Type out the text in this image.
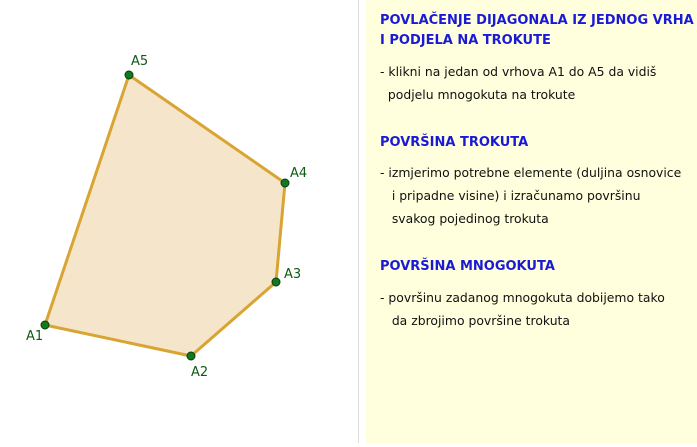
A1
A2
A3
A4
A5
POVLAČENJE DIJAGONALA IZ JEDNOG VRHA
I PODJELA NA TROKUTE
- klikni na jedan od vrhova A1 do A5 da vidiš
podjelu mnogokuta na trokute
POVRŠINA TROKUTA
- izmjerimo potrebne elemente (duljina osnovice
i pripadne visine) i izračunamo površinu
svakog pojedinog trokuta
POVRŠINA MNOGOKUTA
- površinu zadanog mnogokuta dobijemo tako
da zbrojimo površine trokuta
